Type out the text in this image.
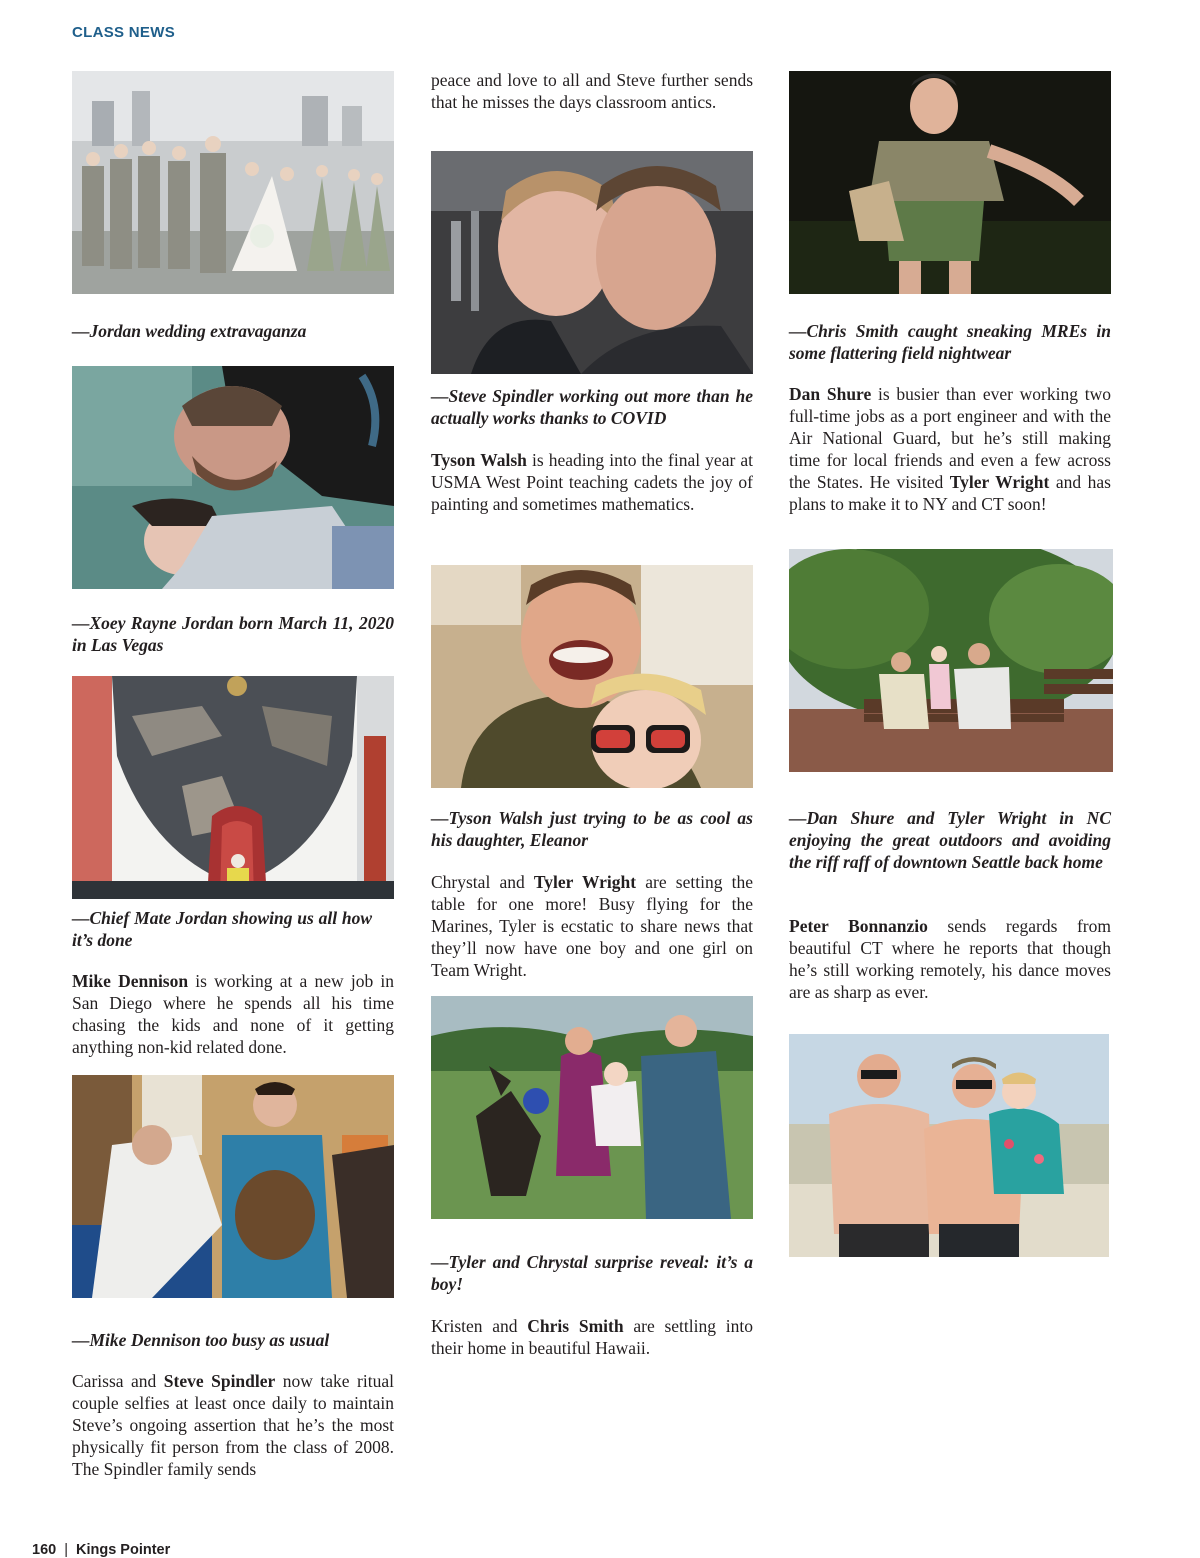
CLASS NEWS

—Jordan wedding extravaganza

—Xoey Rayne Jordan born March 11, 2020 in Las Vegas

—Chief Mate Jordan showing us all how it’s done

Mike Dennison is working at a new job in San Diego where he spends all his time chasing the kids and none of it getting anything non-kid related done.

—Mike Dennison too busy as usual

Carissa and Steve Spindler now take ritual couple selfies at least once daily to maintain Steve’s ongoing assertion that he’s the most physically fit person from the class of 2008. The Spindler family sends

peace and love to all and Steve further sends that he misses the days classroom antics.

—Steve Spindler working out more than he actually works thanks to COVID

Tyson Walsh is heading into the final year at USMA West Point teaching cadets the joy of painting and sometimes mathematics.

—Tyson Walsh just trying to be as cool as his daughter, Eleanor

Chrystal and Tyler Wright are setting the table for one more! Busy flying for the Marines, Tyler is ecstatic to share news that they’ll now have one boy and one girl on Team Wright.

—Tyler and Chrystal surprise reveal: it’s a boy!

Kristen and Chris Smith are settling into their home in beautiful Hawaii.

—Chris Smith caught sneaking MREs in some flattering field nightwear

Dan Shure is busier than ever working two full-time jobs as a port engineer and with the Air National Guard, but he’s still making time for local friends and even a few across the States. He visited Tyler Wright and has plans to make it to NY and CT soon!

—Dan Shure and Tyler Wright in NC enjoying the great outdoors and avoiding the riff raff of downtown Seattle back home

Peter Bonnanzio sends regards from beautiful CT where he reports that though he’s still working remotely, his dance moves are as sharp as ever.

160 | Kings Pointer
